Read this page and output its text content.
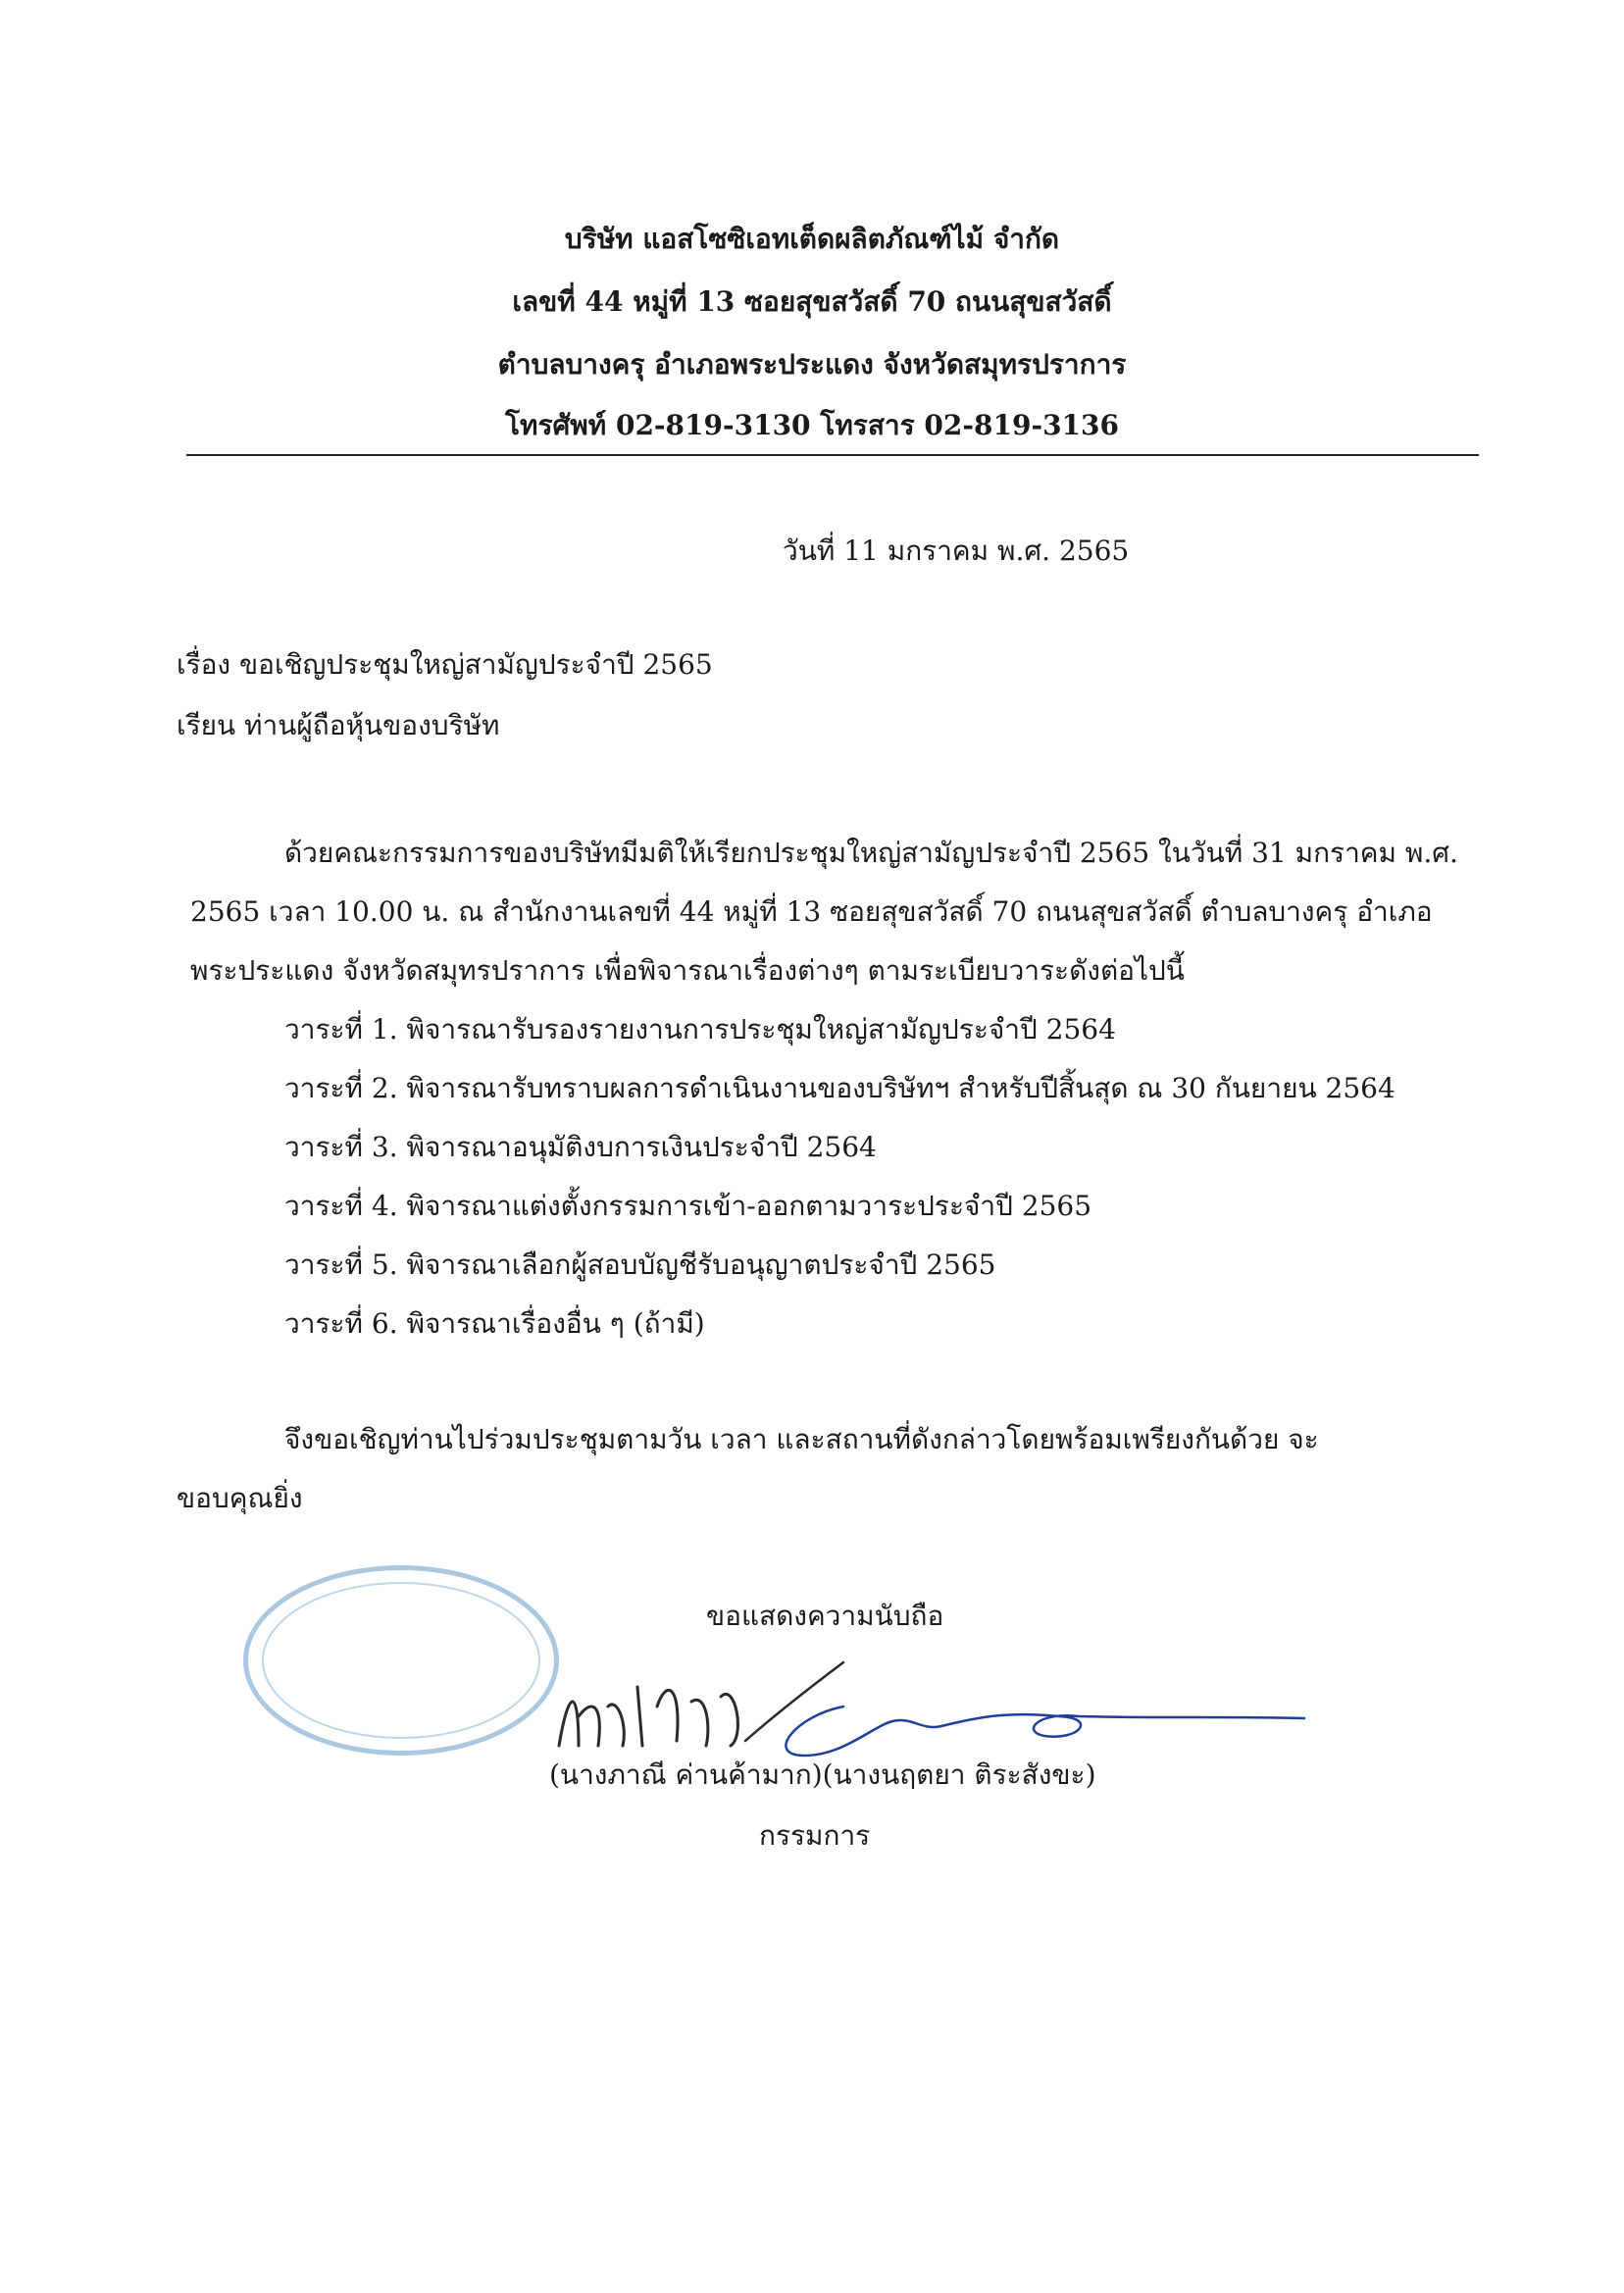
บริษัท แอสโซซิเอทเต็ดผลิตภัณฑ์ไม้ จำกัด
เลขที่ 44 หมู่ที่ 13 ซอยสุขสวัสดิ์ 70 ถนนสุขสวัสดิ์
ตำบลบางครุ อำเภอพระประแดง จังหวัดสมุทรปราการ
โทรศัพท์ 02-819-3130 โทรสาร 02-819-3136
วันที่ 11 มกราคม พ.ศ. 2565
เรื่อง ขอเชิญประชุมใหญ่สามัญประจำปี 2565
เรียน ท่านผู้ถือหุ้นของบริษัท
ด้วยคณะกรรมการของบริษัทมีมติให้เรียกประชุมใหญ่สามัญประจำปี 2565 ในวันที่ 31 มกราคม พ.ศ.
2565 เวลา 10.00 น. ณ สำนักงานเลขที่ 44 หมู่ที่ 13 ซอยสุขสวัสดิ์ 70 ถนนสุขสวัสดิ์ ตำบลบางครุ อำเภอ
พระประแดง จังหวัดสมุทรปราการ เพื่อพิจารณาเรื่องต่างๆ ตามระเบียบวาระดังต่อไปนี้
วาระที่ 1. พิจารณารับรองรายงานการประชุมใหญ่สามัญประจำปี 2564
วาระที่ 2. พิจารณารับทราบผลการดำเนินงานของบริษัทฯ สำหรับปีสิ้นสุด ณ 30 กันยายน 2564
วาระที่ 3. พิจารณาอนุมัติงบการเงินประจำปี 2564
วาระที่ 4. พิจารณาแต่งตั้งกรรมการเข้า-ออกตามวาระประจำปี 2565
วาระที่ 5. พิจารณาเลือกผู้สอบบัญชีรับอนุญาตประจำปี 2565
วาระที่ 6. พิจารณาเรื่องอื่น ๆ (ถ้ามี)
จึงขอเชิญท่านไปร่วมประชุมตามวัน เวลา และสถานที่ดังกล่าวโดยพร้อมเพรียงกันด้วย จะ
ขอบคุณยิ่ง
ขอแสดงความนับถือ
(นางภาณี ค่านค้ามาก)(นางนฤตยา ติระสังขะ)
กรรมการ
